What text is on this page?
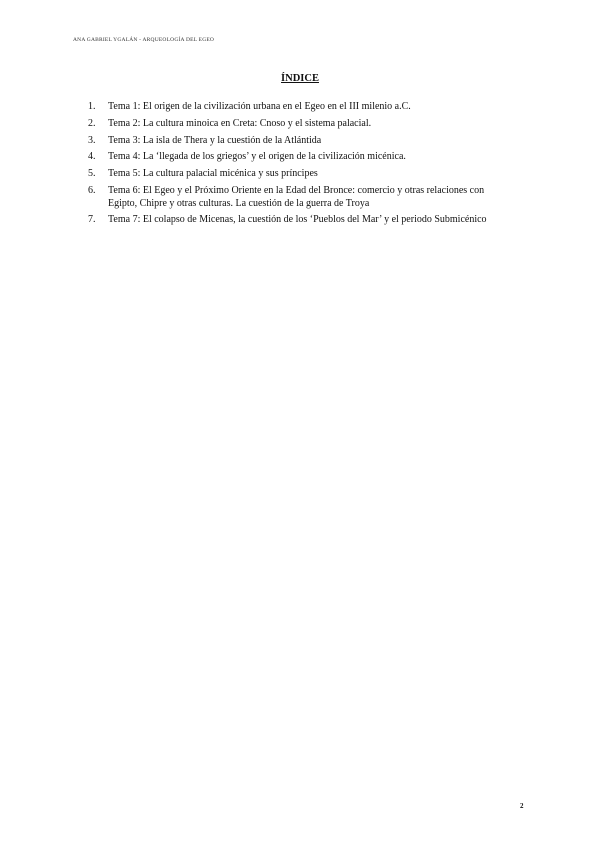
ANA GABRIEL YGALÁN - ARQUEOLOGÍA DEL EGEO
ÍNDICE
1.	Tema 1: El origen de la civilización urbana en el Egeo en el III milenio a.C.
2.	Tema 2: La cultura minoica en Creta: Cnoso y el sistema palacial.
3.	Tema 3: La isla de Thera y la cuestión de la Atlántida
4.	Tema 4: La ‘llegada de los griegos’ y el origen de la civilización micénica.
5.	Tema 5: La cultura palacial micénica y sus príncipes
6.	Tema 6: El Egeo y el Próximo Oriente en la Edad del Bronce: comercio y otras relaciones con Egipto, Chipre y otras culturas. La cuestión de la guerra de Troya
7.	Tema 7: El colapso de Micenas, la cuestión de los ‘Pueblos del Mar’ y el periodo Submicénico
2
